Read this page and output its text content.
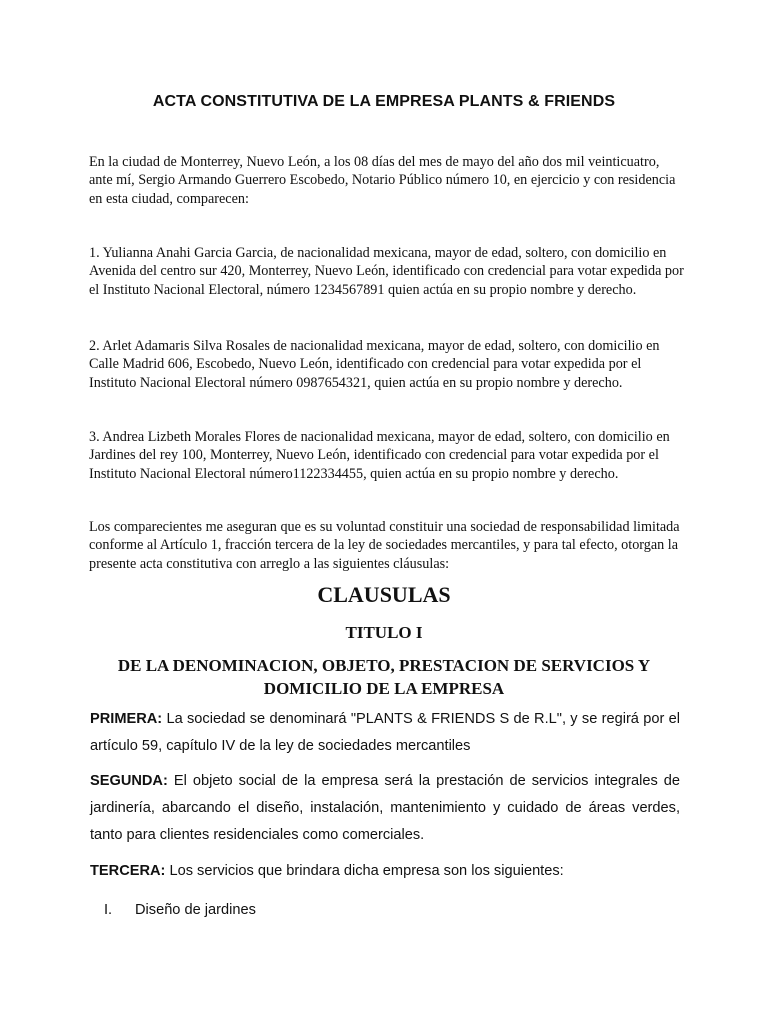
ACTA CONSTITUTIVA DE LA EMPRESA PLANTS & FRIENDS

En la ciudad de Monterrey, Nuevo León, a los 08 días del mes de mayo del año dos mil veinticuatro, ante mí, Sergio Armando Guerrero Escobedo, Notario Público número 10, en ejercicio y con residencia en esta ciudad, comparecen:

1. Yulianna Anahi Garcia Garcia, de nacionalidad mexicana, mayor de edad, soltero, con domicilio en Avenida del centro sur 420, Monterrey, Nuevo León, identificado con credencial para votar expedida por el Instituto Nacional Electoral, número 1234567891 quien actúa en su propio nombre y derecho.

2. Arlet Adamaris Silva Rosales de nacionalidad mexicana, mayor de edad, soltero, con domicilio en Calle Madrid 606, Escobedo, Nuevo León, identificado con credencial para votar expedida por el Instituto Nacional Electoral número 0987654321, quien actúa en su propio nombre y derecho.

3. Andrea Lizbeth Morales Flores de nacionalidad mexicana, mayor de edad, soltero, con domicilio en Jardines del rey 100, Monterrey, Nuevo León, identificado con credencial para votar expedida por el Instituto Nacional Electoral número1122334455, quien actúa en su propio nombre y derecho.

Los comparecientes me aseguran que es su voluntad constituir una sociedad de responsabilidad limitada conforme al Artículo 1, fracción tercera de la ley de sociedades mercantiles, y para tal efecto, otorgan la presente acta constitutiva con arreglo a las siguientes cláusulas:

CLAUSULAS
TITULO I
DE LA DENOMINACION, OBJETO, PRESTACION DE SERVICIOS Y DOMICILIO DE LA EMPRESA

PRIMERA: La sociedad se denominará "PLANTS & FRIENDS S de R.L", y se regirá por el artículo 59, capítulo IV de la ley de sociedades mercantiles

SEGUNDA: El objeto social de la empresa será la prestación de servicios integrales de jardinería, abarcando el diseño, instalación, mantenimiento y cuidado de áreas verdes, tanto para clientes residenciales como comerciales.

TERCERA: Los servicios que brindara dicha empresa son los siguientes:

I. Diseño de jardines
